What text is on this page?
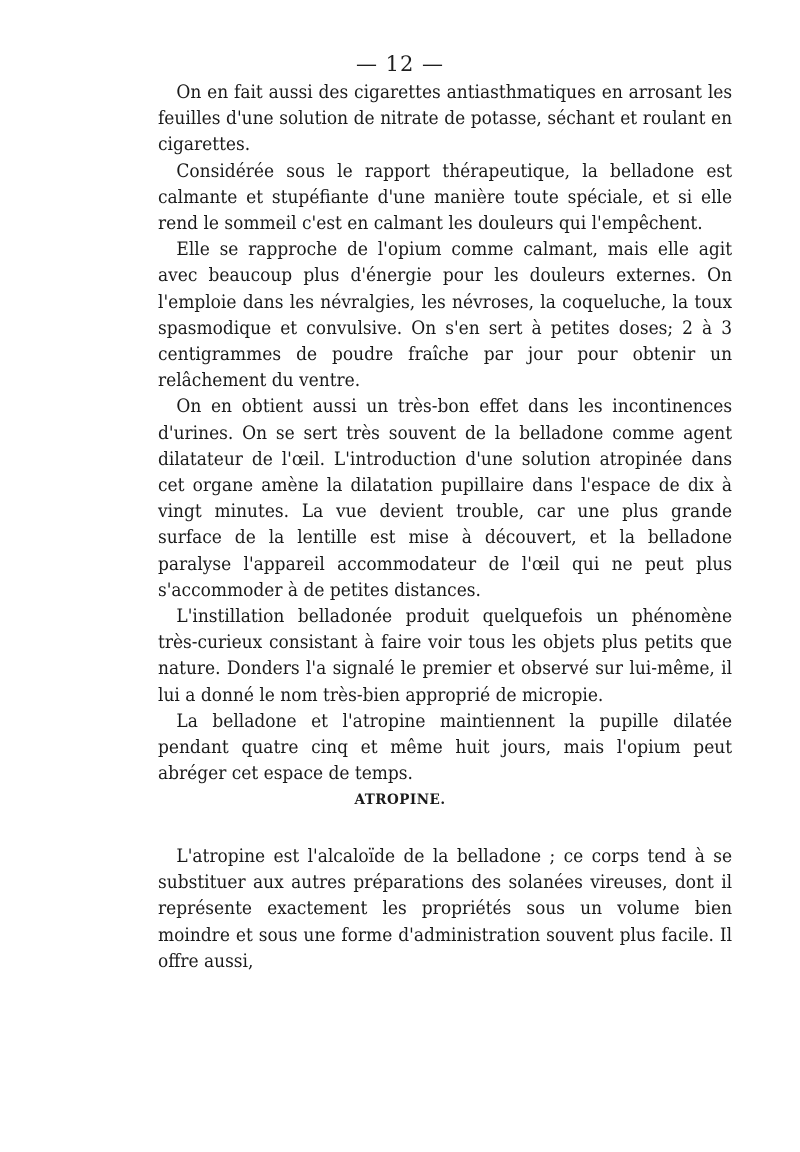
— 12 —

On en fait aussi des cigarettes antiasthmatiques en arrosant les feuilles d'une solution de nitrate de potasse, séchant et roulant en cigarettes.

Considérée sous le rapport thérapeutique, la belladone est calmante et stupéfiante d'une manière toute spéciale, et si elle rend le sommeil c'est en calmant les douleurs qui l'empêchent.

Elle se rapproche de l'opium comme calmant, mais elle agit avec beaucoup plus d'énergie pour les douleurs externes. On l'emploie dans les névralgies, les névroses, la coqueluche, la toux spasmodique et convulsive. On s'en sert à petites doses; 2 à 3 centigrammes de poudre fraîche par jour pour obtenir un relâchement du ventre.

On en obtient aussi un très-bon effet dans les incontinences d'urines. On se sert très souvent de la belladone comme agent dilatateur de l'œil. L'introduction d'une solution atropinée dans cet organe amène la dilatation pupillaire dans l'espace de dix à vingt minutes. La vue devient trouble, car une plus grande surface de la lentille est mise à découvert, et la belladone paralyse l'appareil accommodateur de l'œil qui ne peut plus s'accommoder à de petites distances.

L'instillation belladonée produit quelquefois un phénomène très-curieux consistant à faire voir tous les objets plus petits que nature. Donders l'a signalé le premier et observé sur lui-même, il lui a donné le nom très-bien approprié de micropie.

La belladone et l'atropine maintiennent la pupille dilatée pendant quatre cinq et même huit jours, mais l'opium peut abréger cet espace de temps.

ATROPINE.

L'atropine est l'alcaloïde de la belladone ; ce corps tend à se substituer aux autres préparations des solanées vireuses, dont il représente exactement les propriétés sous un volume bien moindre et sous une forme d'administration souvent plus facile. Il offre aussi,
